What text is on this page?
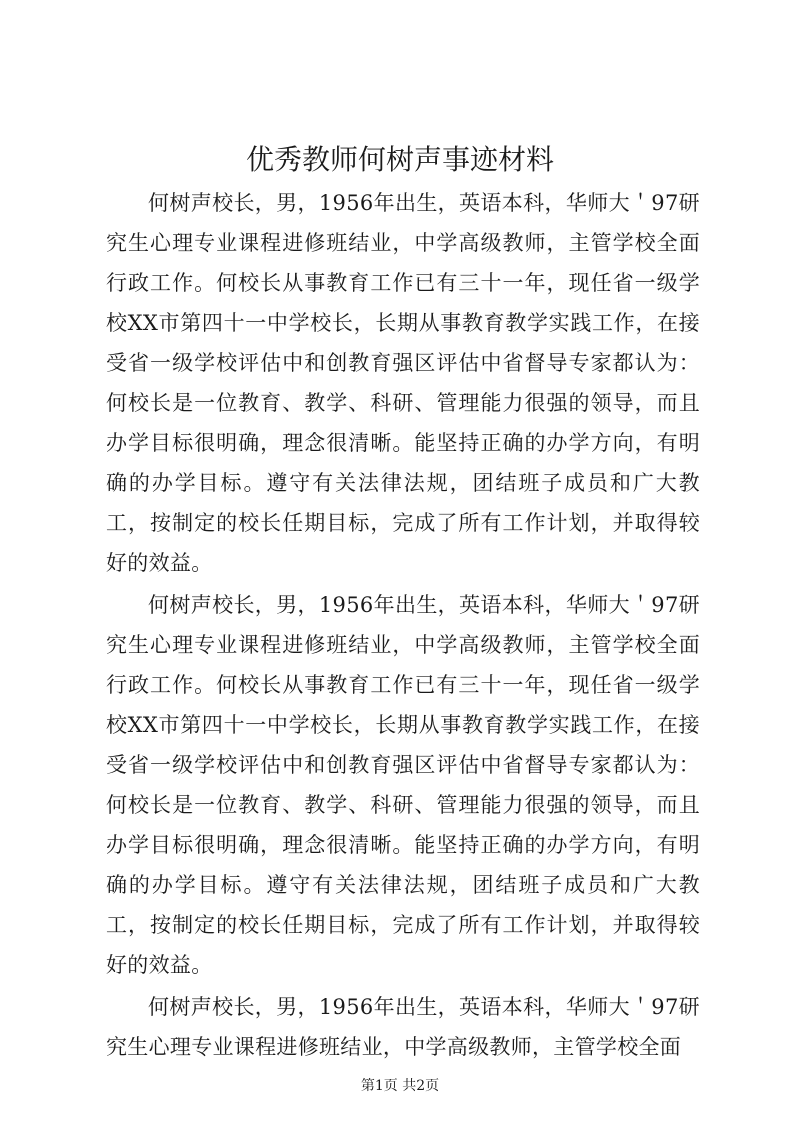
优秀教师何树声事迹材料

何树声校长，男，1956年出生，英语本科，华师大＇97研究生心理专业课程进修班结业，中学高级教师，主管学校全面行政工作。何校长从事教育工作已有三十一年，现任省一级学校XX市第四十一中学校长，长期从事教育教学实践工作，在接受省一级学校评估中和创教育强区评估中省督导专家都认为：何校长是一位教育、教学、科研、管理能力很强的领导，而且办学目标很明确，理念很清晰。能坚持正确的办学方向，有明确的办学目标。遵守有关法律法规，团结班子成员和广大教工，按制定的校长任期目标，完成了所有工作计划，并取得较好的效益。

何树声校长，男，1956年出生，英语本科，华师大＇97研究生心理专业课程进修班结业，中学高级教师，主管学校全面行政工作。何校长从事教育工作已有三十一年，现任省一级学校XX市第四十一中学校长，长期从事教育教学实践工作，在接受省一级学校评估中和创教育强区评估中省督导专家都认为：何校长是一位教育、教学、科研、管理能力很强的领导，而且办学目标很明确，理念很清晰。能坚持正确的办学方向，有明确的办学目标。遵守有关法律法规，团结班子成员和广大教工，按制定的校长任期目标，完成了所有工作计划，并取得较好的效益。

何树声校长，男，1956年出生，英语本科，华师大＇97研究生心理专业课程进修班结业，中学高级教师，主管学校全面

第1页 共2页
